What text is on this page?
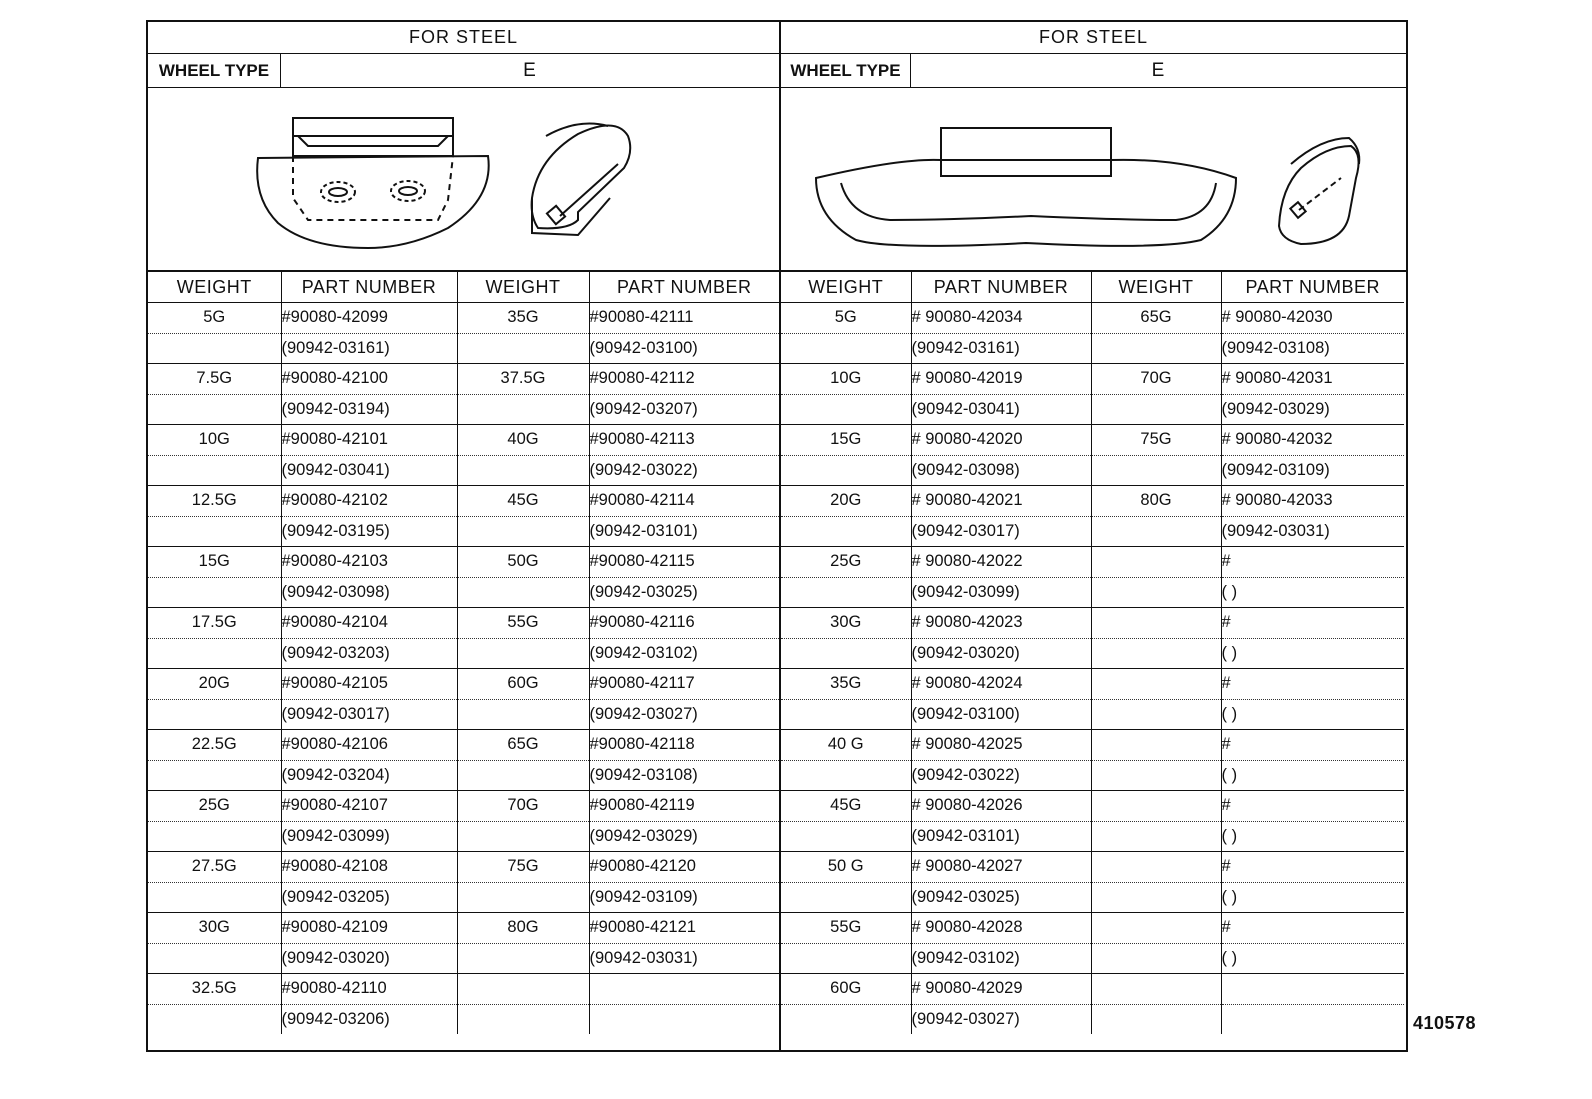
FOR STEEL
WHEEL TYPE	E
WEIGHT	PART NUMBER	WEIGHT	PART NUMBER
5G	#90080-42099	35G	#90080-42111
	(90942-03161)		(90942-03100)
7.5G	#90080-42100	37.5G	#90080-42112
	(90942-03194)		(90942-03207)
10G	#90080-42101	40G	#90080-42113
	(90942-03041)		(90942-03022)
12.5G	#90080-42102	45G	#90080-42114
	(90942-03195)		(90942-03101)
15G	#90080-42103	50G	#90080-42115
	(90942-03098)		(90942-03025)
17.5G	#90080-42104	55G	#90080-42116
	(90942-03203)		(90942-03102)
20G	#90080-42105	60G	#90080-42117
	(90942-03017)		(90942-03027)
22.5G	#90080-42106	65G	#90080-42118
	(90942-03204)		(90942-03108)
25G	#90080-42107	70G	#90080-42119
	(90942-03099)		(90942-03029)
27.5G	#90080-42108	75G	#90080-42120
	(90942-03205)		(90942-03109)
30G	#90080-42109	80G	#90080-42121
	(90942-03020)		(90942-03031)
32.5G	#90080-42110		
	(90942-03206)		
FOR STEEL
WHEEL TYPE	E
WEIGHT	PART NUMBER	WEIGHT	PART NUMBER
5G	# 90080-42034	65G	# 90080-42030
	(90942-03161)		(90942-03108)
10G	# 90080-42019	70G	# 90080-42031
	(90942-03041)		(90942-03029)
15G	# 90080-42020	75G	# 90080-42032
	(90942-03098)		(90942-03109)
20G	# 90080-42021	80G	# 90080-42033
	(90942-03017)		(90942-03031)
25G	# 90080-42022		#
	(90942-03099)		( )
30G	# 90080-42023		#
	(90942-03020)		( )
35G	# 90080-42024		#
	(90942-03100)		( )
40 G	# 90080-42025		#
	(90942-03022)		( )
45G	# 90080-42026		#
	(90942-03101)		( )
50 G	# 90080-42027		#
	(90942-03025)		( )
55G	# 90080-42028		#
	(90942-03102)		( )
60G	# 90080-42029		
	(90942-03027)			410578
